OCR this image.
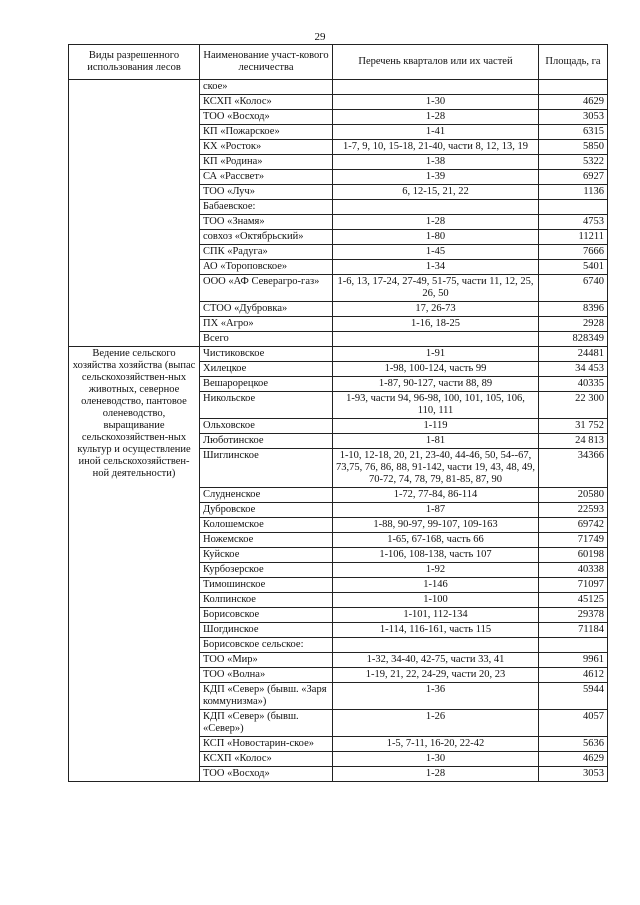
29
Виды разрешенного использования лесов	Наименование участ-кового лесничества	Перечень кварталов или их частей	Площадь, га
	ское»		
	КСХП «Колос»	1-30	4629
	ТОО «Восход»	1-28	3053
	КП «Пожарское»	1-41	6315
	КХ «Росток»	1-7, 9, 10, 15-18, 21-40, части 8, 12, 13, 19	5850
	КП «Родина»	1-38	5322
	СА «Рассвет»	1-39	6927
	ТОО «Луч»	6, 12-15, 21, 22	1136
	Бабаевское:		
	ТОО «Знамя»	1-28	4753
	совхоз «Октябрьский»	1-80	11211
	СПК «Радуга»	1-45	7666
	АО «Тороповское»	1-34	5401
	ООО «АФ Северагро-газ»	1-6, 13, 17-24, 27-49, 51-75, части 11, 12, 25, 26, 50	6740
	СТОО «Дубровка»	17, 26-73	8396
	ПХ «Агро»	1-16, 18-25	2928
	Всего		828349
Ведение сельского хозяйства хозяйства (выпас сельскохозяйствен-ных животных, северное оленеводство, пантовое оленеводство, выращивание сельскохозяйствен-ных культур и осуществление иной сельскохозяйствен-ной деятельности)	Чистиковское	1-91	24481
	Хилецкое	1-98, 100-124, часть 99	34 453
	Вешарорецкое	1-87, 90-127, части 88, 89	40335
	Никольское	1-93, части 94, 96-98, 100, 101, 105, 106, 110, 111	22 300
	Ольховское	1-119	31 752
	Люботинское	1-81	24 813
	Шиглинское	1-10, 12-18, 20, 21, 23-40, 44-46, 50, 54--67, 73,75, 76, 86, 88, 91-142, части 19, 43, 48, 49, 70-72, 74, 78, 79, 81-85, 87, 90	34366
	Слудненское	1-72, 77-84, 86-114	20580
	Дубровское	1-87	22593
	Колошемское	1-88, 90-97, 99-107, 109-163	69742
	Ножемское	1-65, 67-168, часть 66	71749
	Куйское	1-106, 108-138, часть 107	60198
	Курбозерское	1-92	40338
	Тимошинское	1-146	71097
	Колпинское	1-100	45125
	Борисовское	1-101, 112-134	29378
	Шогдинское	1-114, 116-161, часть 115	71184
	Борисовское сельское:		
	ТОО «Мир»	1-32, 34-40, 42-75, части 33, 41	9961
	ТОО «Волна»	1-19, 21, 22, 24-29, части 20, 23	4612
	КДП «Север» (бывш. «Заря коммунизма»)	1-36	5944
	КДП «Север» (бывш. «Север»)	1-26	4057
	КСП «Новостарин-ское»	1-5, 7-11, 16-20, 22-42	5636
	КСХП «Колос»	1-30	4629
	ТОО «Восход»	1-28	3053
